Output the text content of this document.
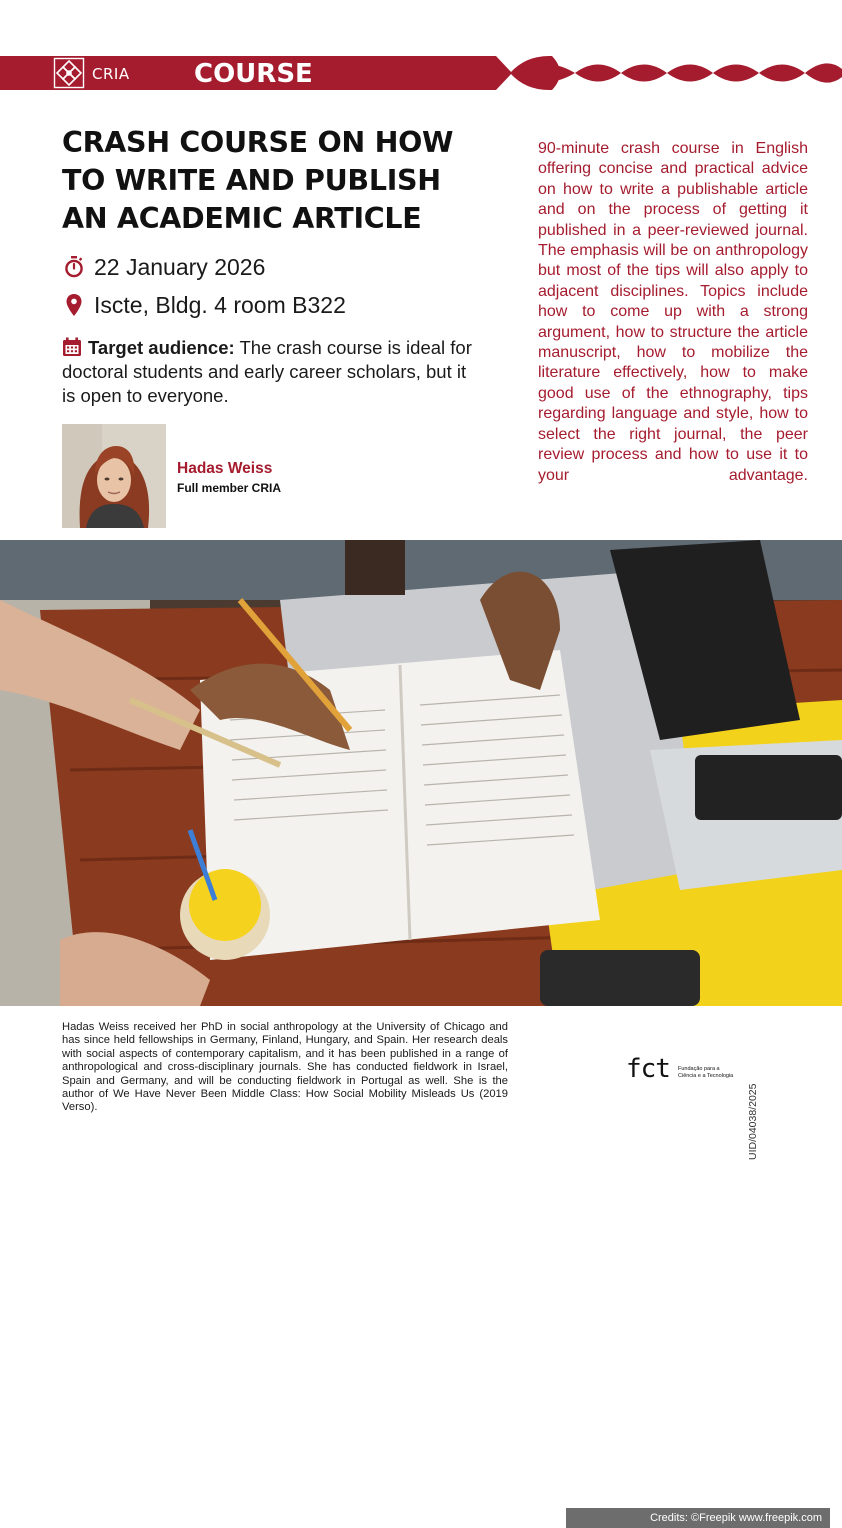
CRIA COURSE
CRASH COURSE ON HOW
TO WRITE AND PUBLISH
AN ACADEMIC ARTICLE
22 January 2026
Iscte, Bldg. 4 room B322
Target audience: The crash course is ideal for doctoral students and early career scholars, but it is open to everyone.
Hadas Weiss
Full member CRIA
90-minute crash course in English offering concise and practical advice on how to write a publishable article and on the process of getting it published in a peer-reviewed journal. The emphasis will be on anthropology but most of the tips will also apply to adjacent disciplines. Topics include how to come up with a strong argument, how to structure the article manuscript, how to mobilize the literature effectively, how to make good use of the ethnography, tips regarding language and style, how to select the right journal, the peer review process and how to use it to your advantage.
Credits: ©Freepik www.freepik.com
Hadas Weiss received her PhD in social anthropology at the University of Chicago and has since held fellowships in Germany, Finland, Hungary, and Spain. Her research deals with social aspects of contemporary capitalism, and it has been published in a range of anthropological and cross-disciplinary journals. She has conducted fieldwork in Israel, Spain and Germany, and will be conducting fieldwork in Portugal as well. She is the author of We Have Never Been Middle Class: How Social Mobility Misleads Us (2019 Verso).
fct Fundação para a Ciência e a Tecnologia
UID/04038/2025
